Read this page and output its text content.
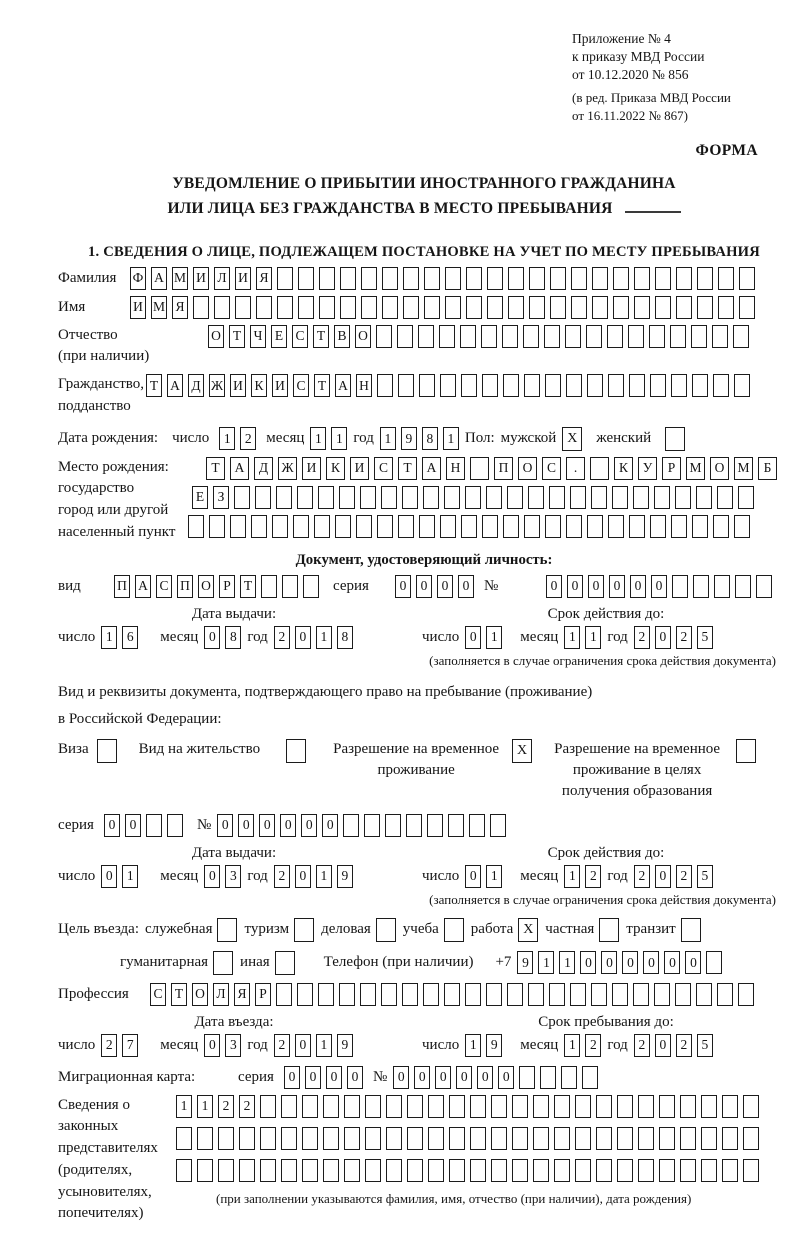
Приложение № 4
к приказу МВД России
от 10.12.2020 № 856
(в ред. Приказа МВД России
от 16.11.2022 № 867)
ФОРМА
УВЕДОМЛЕНИЕ О ПРИБЫТИИ ИНОСТРАННОГО ГРАЖДАНИНА
ИЛИ ЛИЦА БЕЗ ГРАЖДАНСТВА В МЕСТО ПРЕБЫВАНИЯ
1. СВЕДЕНИЯ О ЛИЦЕ, ПОДЛЕЖАЩЕМ ПОСТАНОВКЕ НА УЧЕТ ПО МЕСТУ ПРЕБЫВАНИЯ
Фамилия	Ф А М И Л И Я
Имя	И М Я
Отчество
(при наличии)
О Т Ч Е С Т В О
Гражданство,
подданство
Т А Д Ж И К И С Т А Н
Дата рождения: число	1	2 месяц 1	1 год 1	9	8	1 Пол: мужской X	женский
Место рождения:
государство
город или другой
населенный пункт
Т	А	Д Ж И	К	И	С	Т	А	Н	П	О	С	.	К	У	Р	М О М	Б
Е З
Документ, удостоверяющий личность:
вид	П А С П О Р Т	серия	0	0	0	0 №	0	0	0	0	0	0
Дата выдачи:
число 1	6	месяц 0	8 год 2	0	1	8
Срок действия до:
число 0	1	месяц 1	1 год 2	0	2	5
(заполняется в случае ограничения срока действия документа)
Вид и реквизиты документа, подтверждающего право на пребывание (проживание)
в Российской Федерации:
Виза	Вид на жительство	Разрешение на временное проживание
X	Разрешение на временное проживание в целях получения образования
серия	0	0	№ 0	0	0	0	0	0
Дата выдачи:
число 0	1	месяц 0	3 год 2	0	1	9
Срок действия до:
число 0	1	месяц 1	2 год 2	0	2	5
(заполняется в случае ограничения срока действия документа)
Цель въезда: служебная туризм деловая учеба работа X частная транзит
гуманитарная иная	Телефон (при наличии) +7 9	1	1	0	0	0	0	0	0
Профессия	С Т О Л Я Р
Дата въезда:
число 2	7	месяц 0	3 год 2	0	1	9
Срок пребывания до:
число 1	9	месяц 1	2 год 2	0	2	5
Миграционная карта:	серия	0	0	0	0 № 0	0	0	0	0	0
Сведения о
законных
представителях
(родителях,
усыновителях,
попечителях)
1	1	2	2
(при заполнении указываются фамилия, имя, отчество (при наличии), дата рождения)
